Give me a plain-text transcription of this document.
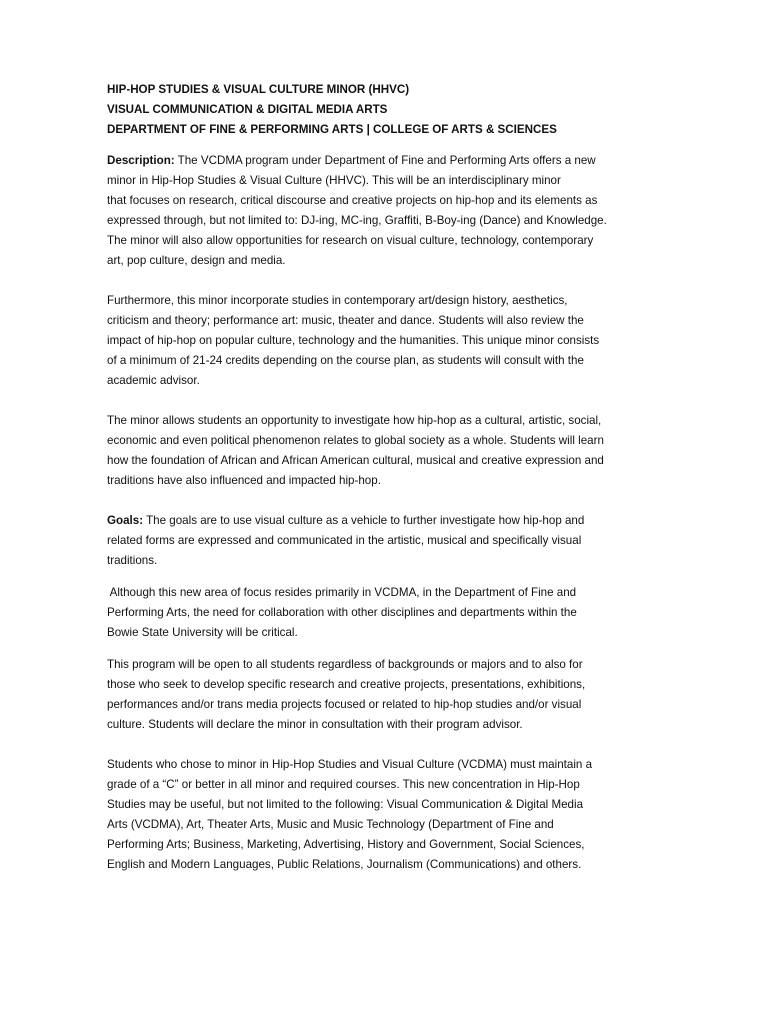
HIP-HOP STUDIES & VISUAL CULTURE MINOR (HHVC)
VISUAL COMMUNICATION & DIGITAL MEDIA ARTS
DEPARTMENT OF FINE & PERFORMING ARTS | COLLEGE OF ARTS & SCIENCES

Description: The VCDMA program under Department of Fine and Performing Arts offers a new
minor in Hip-Hop Studies & Visual Culture (HHVC). This will be an interdisciplinary minor
that focuses on research, critical discourse and creative projects on hip-hop and its elements as
expressed through, but not limited to: DJ-ing, MC-ing, Graffiti, B-Boy-ing (Dance) and Knowledge.
The minor will also allow opportunities for research on visual culture, technology, contemporary
art, pop culture, design and media.

Furthermore, this minor incorporate studies in contemporary art/design history, aesthetics,
criticism and theory; performance art: music, theater and dance. Students will also review the
impact of hip-hop on popular culture, technology and the humanities. This unique minor consists
of a minimum of 21-24 credits depending on the course plan, as students will consult with the
academic advisor.

The minor allows students an opportunity to investigate how hip-hop as a cultural, artistic, social,
economic and even political phenomenon relates to global society as a whole. Students will learn
how the foundation of African and African American cultural, musical and creative expression and
traditions have also influenced and impacted hip-hop.

Goals: The goals are to use visual culture as a vehicle to further investigate how hip-hop and
related forms are expressed and communicated in the artistic, musical and specifically visual
traditions.

Although this new area of focus resides primarily in VCDMA, in the Department of Fine and
Performing Arts, the need for collaboration with other disciplines and departments within the
Bowie State University will be critical.

This program will be open to all students regardless of backgrounds or majors and to also for
those who seek to develop specific research and creative projects, presentations, exhibitions,
performances and/or trans media projects focused or related to hip-hop studies and/or visual
culture. Students will declare the minor in consultation with their program advisor.

Students who chose to minor in Hip-Hop Studies and Visual Culture (VCDMA) must maintain a
grade of a “C” or better in all minor and required courses. This new concentration in Hip-Hop
Studies may be useful, but not limited to the following: Visual Communication & Digital Media
Arts (VCDMA), Art, Theater Arts, Music and Music Technology (Department of Fine and
Performing Arts; Business, Marketing, Advertising, History and Government, Social Sciences,
English and Modern Languages, Public Relations, Journalism (Communications) and others.
